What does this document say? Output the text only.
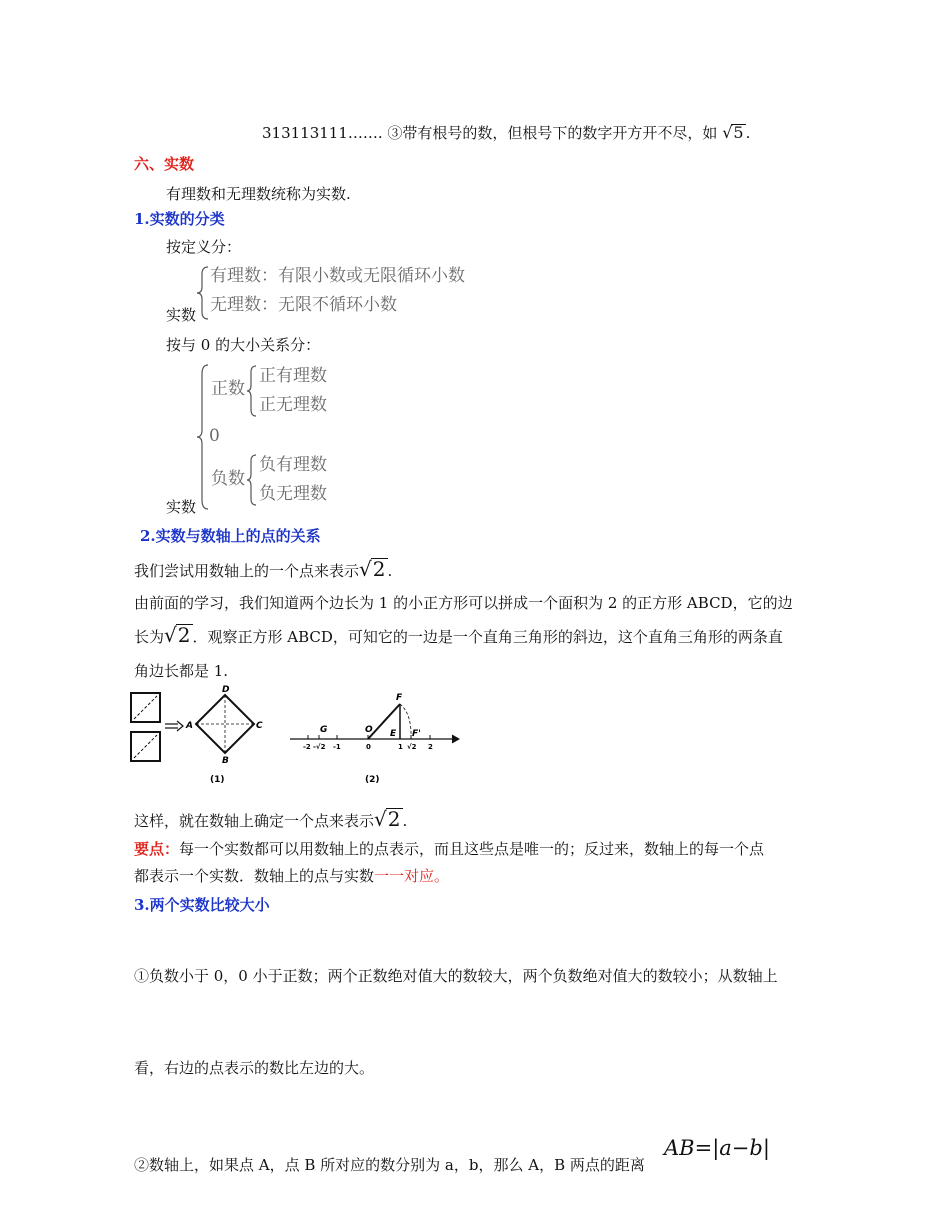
313113111……. ③带有根号的数，但根号下的数字开方开不尽，如 √5 .
六、实数
有理数和无理数统称为实数.
1.实数的分类
按定义分：
有理数：有限小数或无限循环小数
无理数：无限不循环小数
实数
按与 0 的大小关系分：
正数
正有理数
正无理数
0
负数
负有理数
负无理数
实数
2.实数与数轴上的点的关系
我们尝试用数轴上的一个点来表示√2 .
由前面的学习，我们知道两个边长为 1 的小正方形可以拼成一个面积为 2 的正方形 ABCD，它的边
长为√2 ．观察正方形 ABCD，可知它的一边是一个直角三角形的斜边，这个直角三角形的两条直
角边长都是 1.
D
A	C
B
(1)
F
G	O E F'
-2 -√2 -1	0	1 √2 2
(2)
这样，就在数轴上确定一个点来表示√2 .
要点：每一个实数都可以用数轴上的点表示，而且这些点是唯一的；反过来，数轴上的每一个点
都表示一个实数．数轴上的点与实数一一对应。
3.两个实数比较大小
①负数小于 0，0 小于正数；两个正数绝对值大的数较大，两个负数绝对值大的数较小；从数轴上
看，右边的点表示的数比左边的大。
②数轴上，如果点 A，点 B 所对应的数分别为 a，b，那么 A，B 两点的距离
AB=|a−b|
